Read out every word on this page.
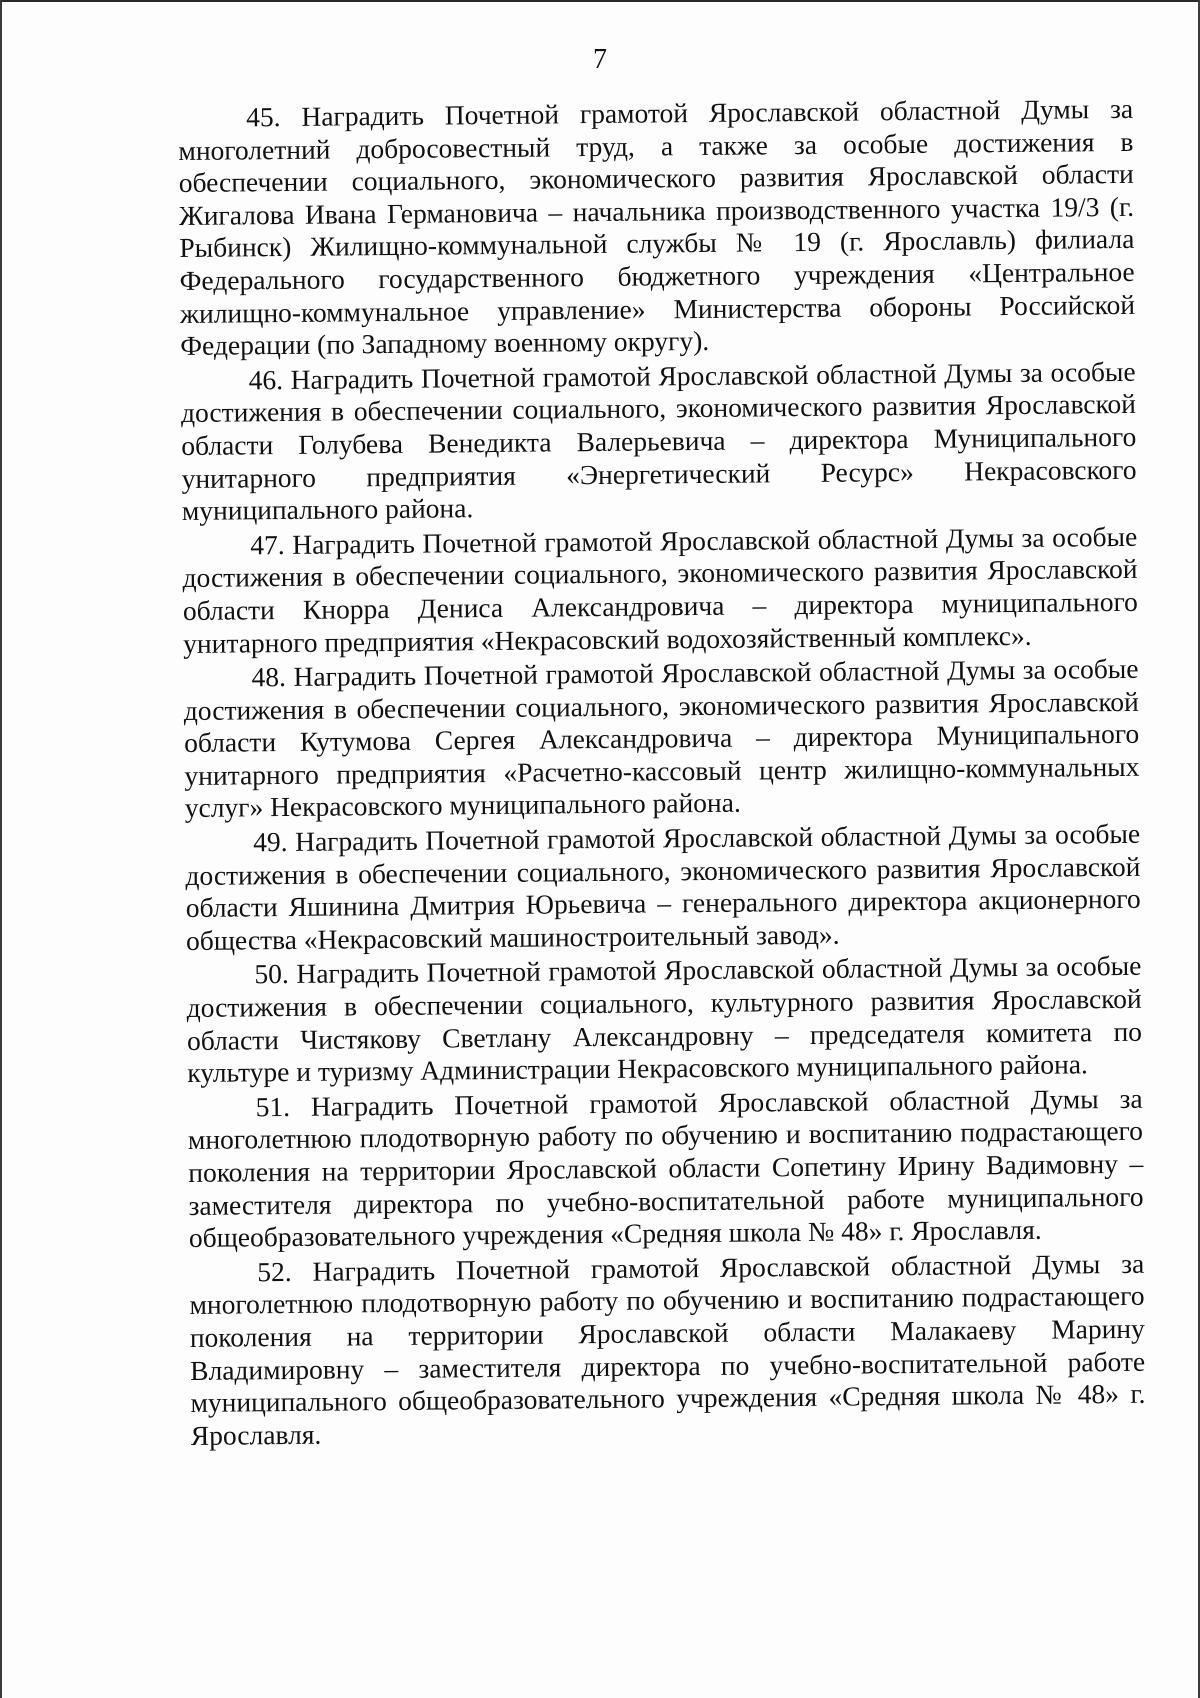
7

45. Наградить Почетной грамотой Ярославской областной Думы за многолетний добросовестный труд, а также за особые достижения в обеспечении социального, экономического развития Ярославской области Жигалова Ивана Германовича – начальника производственного участка 19/3 (г. Рыбинск) Жилищно-коммунальной службы № 19 (г. Ярославль) филиала Федерального государственного бюджетного учреждения «Центральное жилищно-коммунальное управление» Министерства обороны Российской Федерации (по Западному военному округу).

46. Наградить Почетной грамотой Ярославской областной Думы за особые достижения в обеспечении социального, экономического развития Ярославской области Голубева Венедикта Валерьевича – директора Муниципального унитарного предприятия «Энергетический Ресурс» Некрасовского муниципального района.

47. Наградить Почетной грамотой Ярославской областной Думы за особые достижения в обеспечении социального, экономического развития Ярославской области Кнорра Дениса Александровича – директора муниципального унитарного предприятия «Некрасовский водохозяйственный комплекс».

48. Наградить Почетной грамотой Ярославской областной Думы за особые достижения в обеспечении социального, экономического развития Ярославской области Кутумова Сергея Александровича – директора Муниципального унитарного предприятия «Расчетно-кассовый центр жилищно-коммунальных услуг» Некрасовского муниципального района.

49. Наградить Почетной грамотой Ярославской областной Думы за особые достижения в обеспечении социального, экономического развития Ярославской области Яшинина Дмитрия Юрьевича – генерального директора акционерного общества «Некрасовский машиностроительный завод».

50. Наградить Почетной грамотой Ярославской областной Думы за особые достижения в обеспечении социального, культурного развития Ярославской области Чистякову Светлану Александровну – председателя комитета по культуре и туризму Администрации Некрасовского муниципального района.

51. Наградить Почетной грамотой Ярославской областной Думы за многолетнюю плодотворную работу по обучению и воспитанию подрастающего поколения на территории Ярославской области Сопетину Ирину Вадимовну – заместителя директора по учебно-воспитательной работе муниципального общеобразовательного учреждения «Средняя школа № 48» г. Ярославля.

52. Наградить Почетной грамотой Ярославской областной Думы за многолетнюю плодотворную работу по обучению и воспитанию подрастающего поколения на территории Ярославской области Малакаеву Марину Владимировну – заместителя директора по учебно-воспитательной работе муниципального общеобразовательного учреждения «Средняя школа № 48» г. Ярославля.
